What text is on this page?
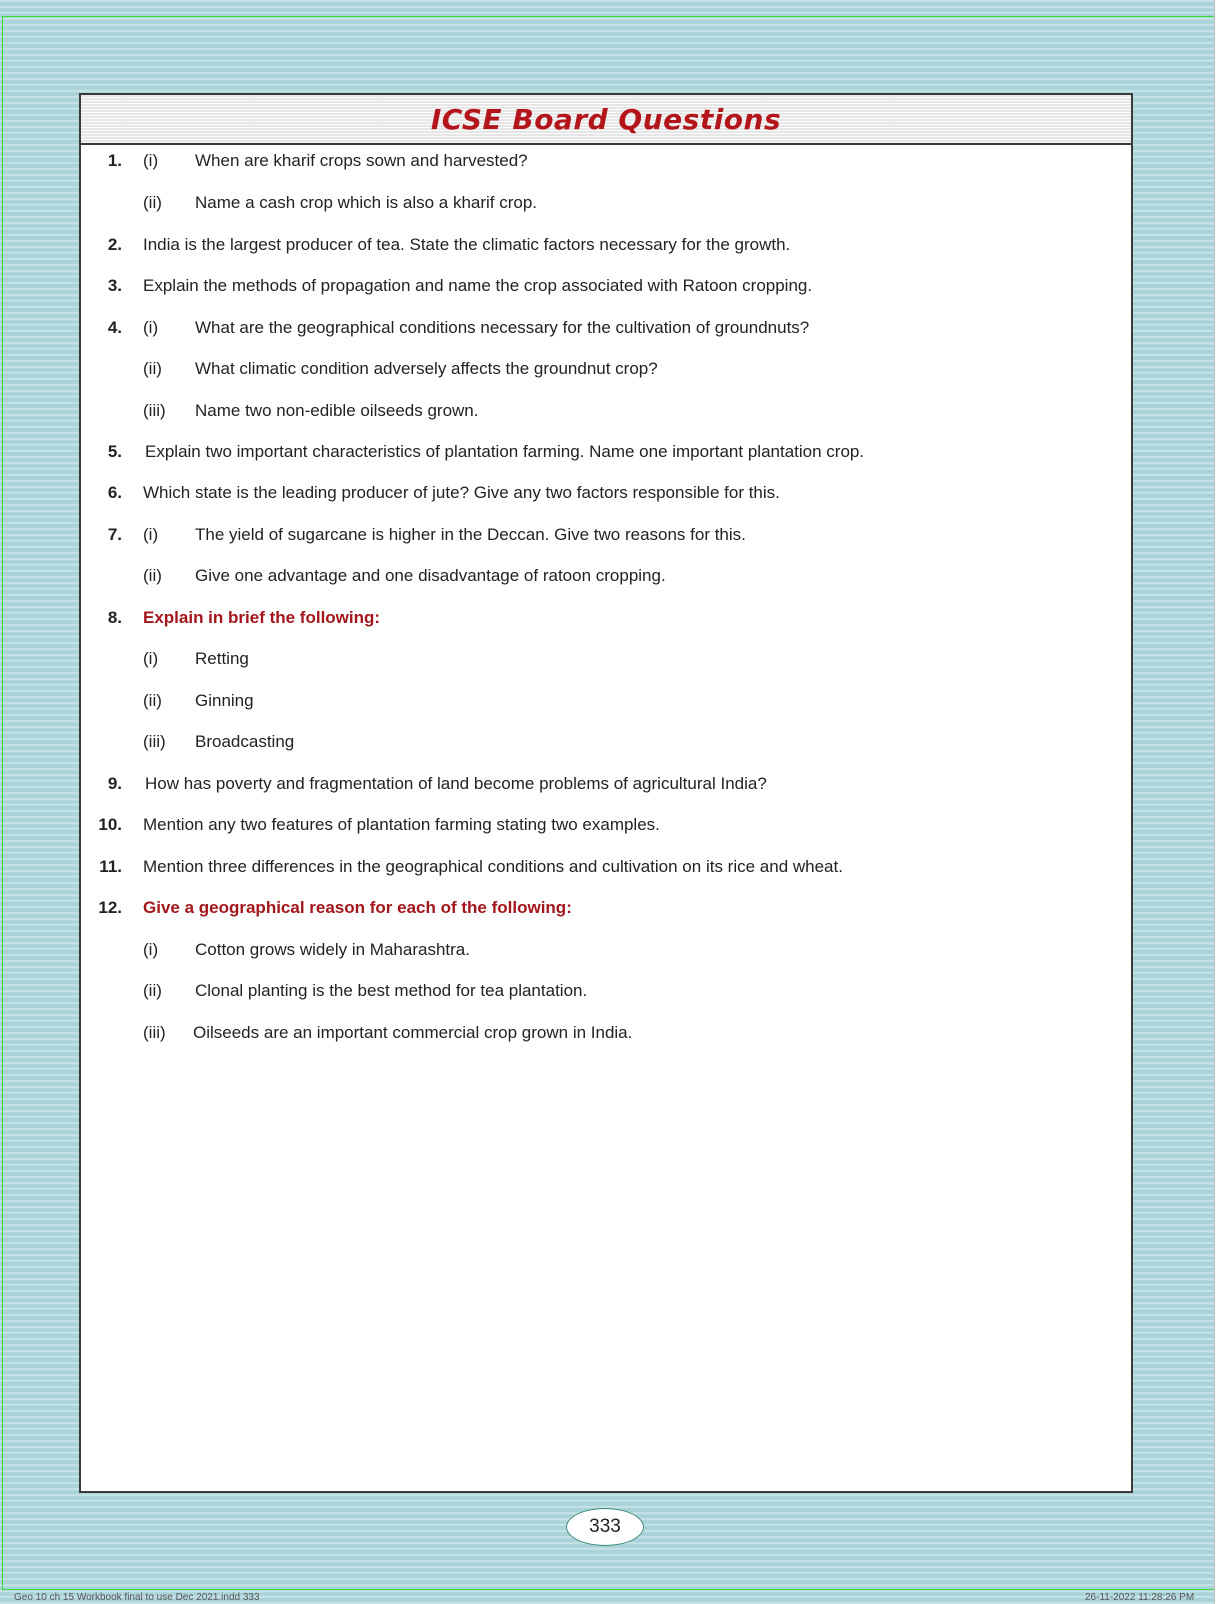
ICSE Board Questions
1. (i) When are kharif crops sown and harvested?
(ii) Name a cash crop which is also a kharif crop.
2. India is the largest producer of tea. State the climatic factors necessary for the growth.
3. Explain the methods of propagation and name the crop associated with Ratoon cropping.
4. (i) What are the geographical conditions necessary for the cultivation of groundnuts?
(ii) What climatic condition adversely affects the groundnut crop?
(iii) Name two non-edible oilseeds grown.
5. Explain two important characteristics of plantation farming. Name one important plantation crop.
6. Which state is the leading producer of jute? Give any two factors responsible for this.
7. (i) The yield of sugarcane is higher in the Deccan. Give two reasons for this.
(ii) Give one advantage and one disadvantage of ratoon cropping.
8. Explain in brief the following:
(i) Retting
(ii) Ginning
(iii) Broadcasting
9. How has poverty and fragmentation of land become problems of agricultural India?
10. Mention any two features of plantation farming stating two examples.
11. Mention three differences in the geographical conditions and cultivation on its rice and wheat.
12. Give a geographical reason for each of the following:
(i) Cotton grows widely in Maharashtra.
(ii) Clonal planting is the best method for tea plantation.
(iii) Oilseeds are an important commercial crop grown in India.
333
Geo 10 ch 15 Workbook final to use Dec 2021.indd 333	26-11-2022 11:28:26 PM
